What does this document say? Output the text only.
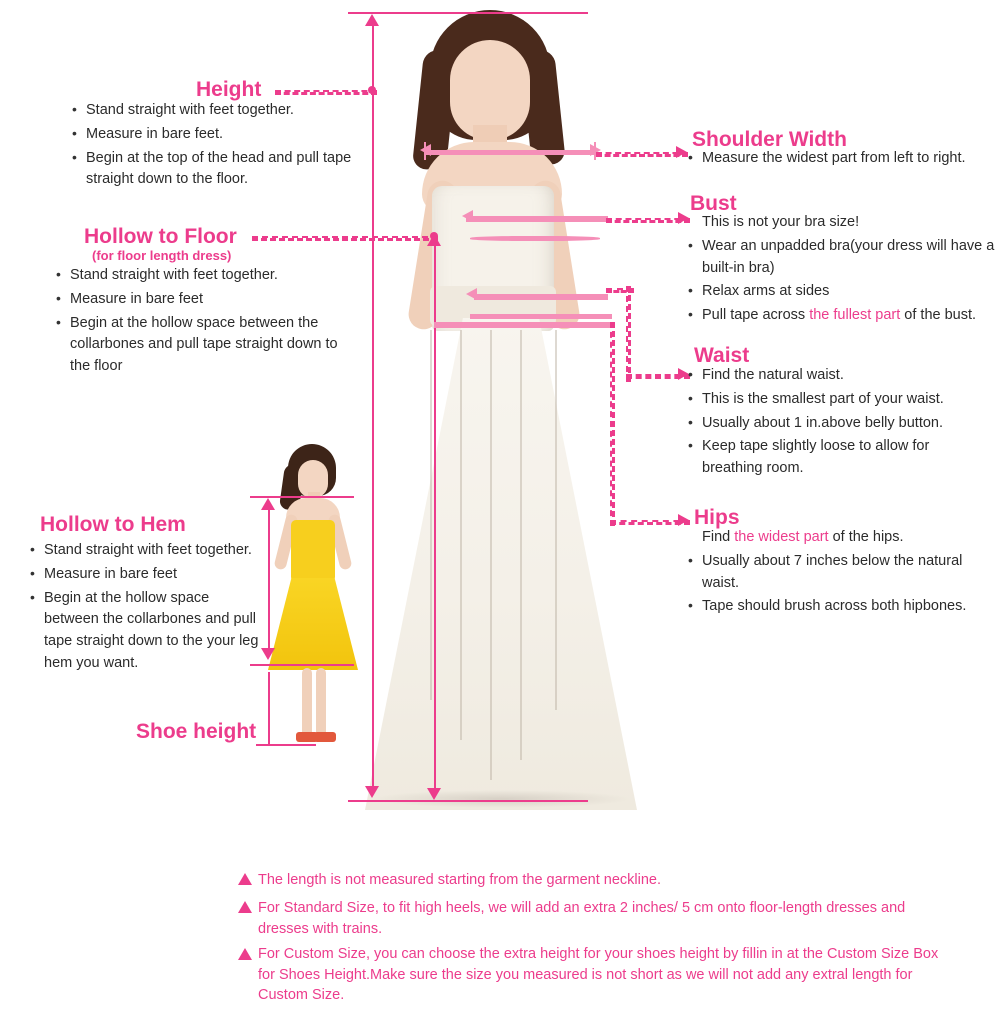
Height
• Stand straight with feet together.
• Measure in bare feet.
• Begin at the top of the head and pull tape straight down to the floor.
Hollow to Floor
(for floor length dress)
• Stand straight with feet together.
• Measure in bare feet
• Begin at the hollow space between the collarbones and pull tape straight down to the floor
Hollow to Hem
• Stand straight with feet together.
• Measure in bare feet
• Begin at the hollow space between the collarbones and pull tape straight down to the your leg hem you want.
Shoe height
Shoulder Width
• Measure the widest part from left to right.
Bust
This is not your bra size!
• Wear an unpadded bra(your dress will have a built-in bra)
• Relax arms at sides
• Pull tape across the fullest part of the bust.
Waist
• Find the natural waist.
• This is the smallest part of your waist.
• Usually about 1 in.above belly button.
• Keep tape slightly loose to allow for breathing room.
Hips
Find the widest part of the hips.
• Usually about 7 inches below the natural waist.
• Tape should brush across both hipbones.
The length is not measured starting from the garment neckline.
For Standard Size, to fit high heels, we will add an extra 2 inches/ 5 cm onto floor-length dresses and dresses with trains.
For Custom Size, you can choose the extra height for your shoes height by fillin in at the Custom Size Box for Shoes Height.Make sure the size you measured is not short as we will not add any extral length for Custom Size.
